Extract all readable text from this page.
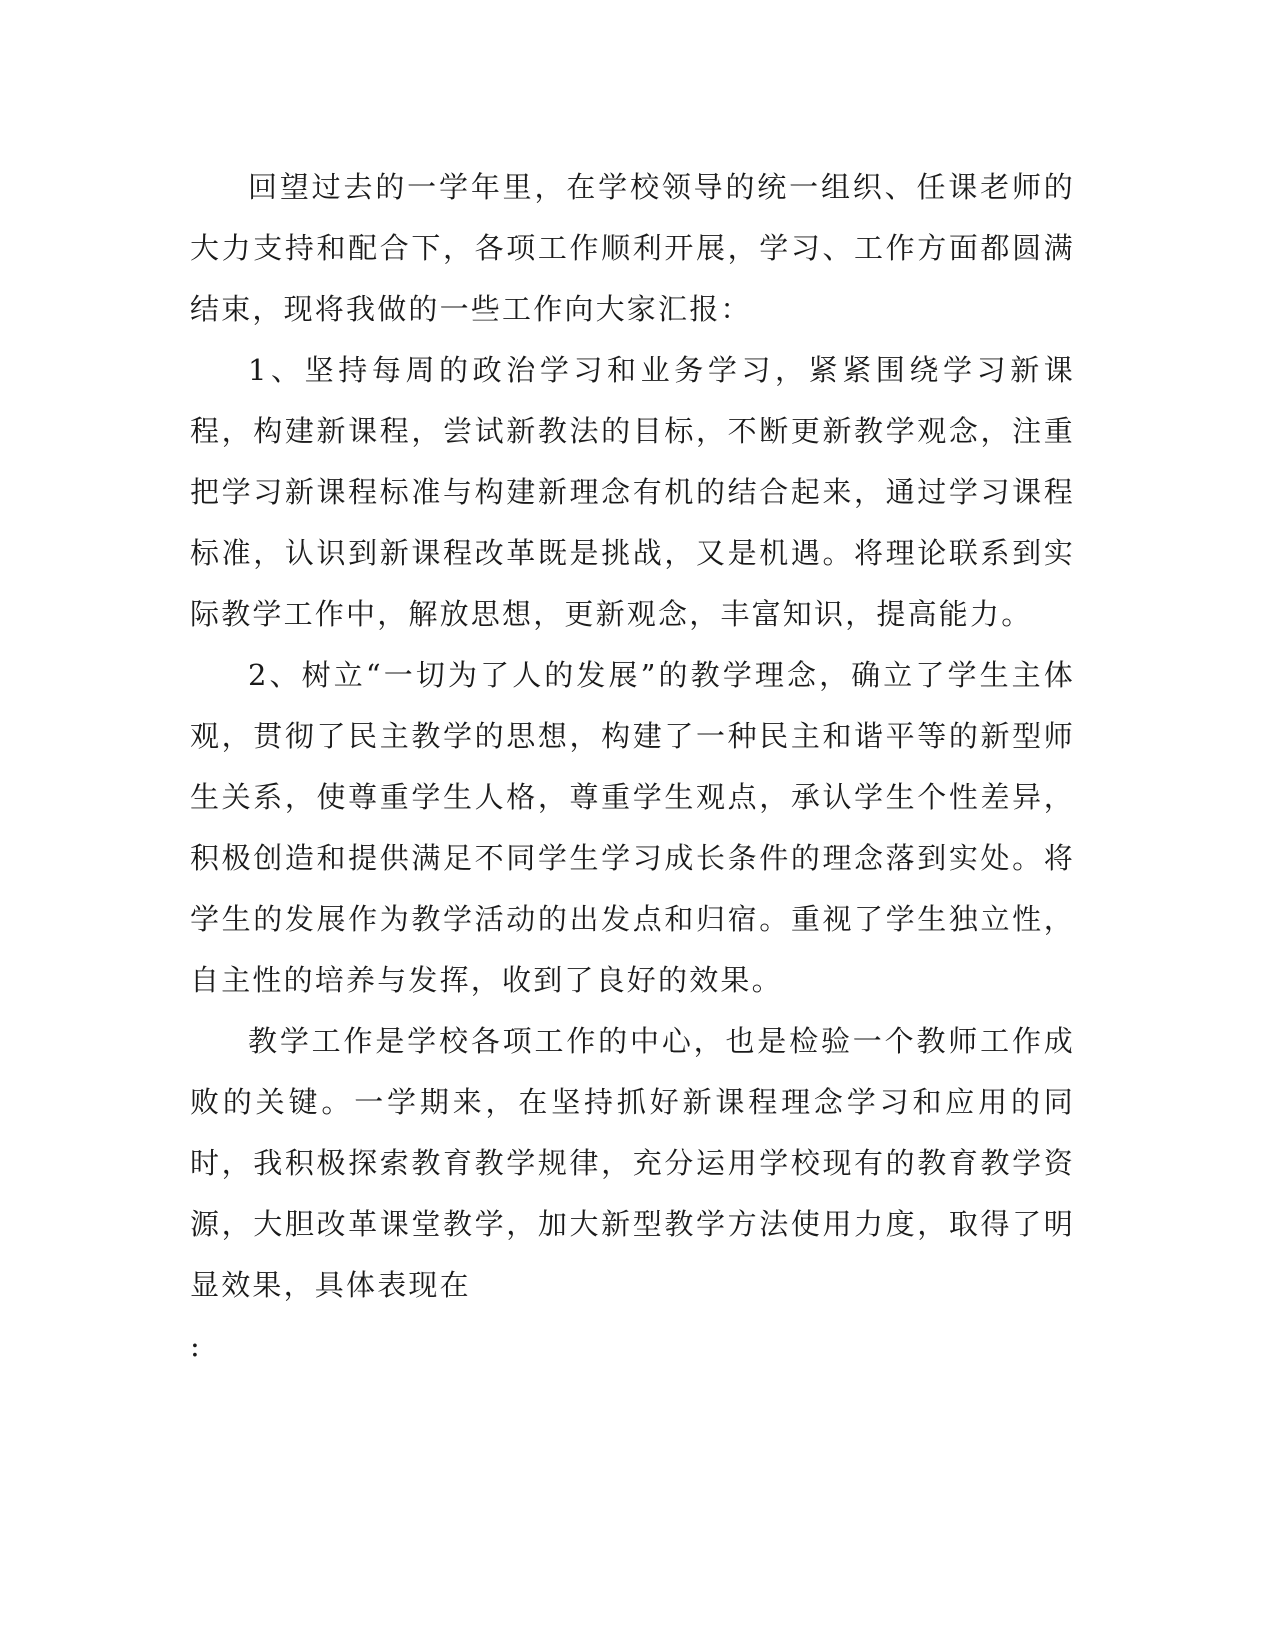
回望过去的一学年里，在学校领导的统一组织、任课老师的大力支持和配合下，各项工作顺利开展，学习、工作方面都圆满结束，现将我做的一些工作向大家汇报：

1、坚持每周的政治学习和业务学习，紧紧围绕学习新课程，构建新课程，尝试新教法的目标，不断更新教学观念，注重把学习新课程标准与构建新理念有机的结合起来，通过学习课程标准，认识到新课程改革既是挑战，又是机遇。将理论联系到实际教学工作中，解放思想，更新观念，丰富知识，提高能力。

2、树立“一切为了人的发展”的教学理念，确立了学生主体观，贯彻了民主教学的思想，构建了一种民主和谐平等的新型师生关系，使尊重学生人格，尊重学生观点，承认学生个性差异，积极创造和提供满足不同学生学习成长条件的理念落到实处。将学生的发展作为教学活动的出发点和归宿。重视了学生独立性，自主性的培养与发挥，收到了良好的效果。

教学工作是学校各项工作的中心，也是检验一个教师工作成败的关键。一学期来，在坚持抓好新课程理念学习和应用的同时，我积极探索教育教学规律，充分运用学校现有的教育教学资源，大胆改革课堂教学，加大新型教学方法使用力度，取得了明显效果，具体表现在

:
